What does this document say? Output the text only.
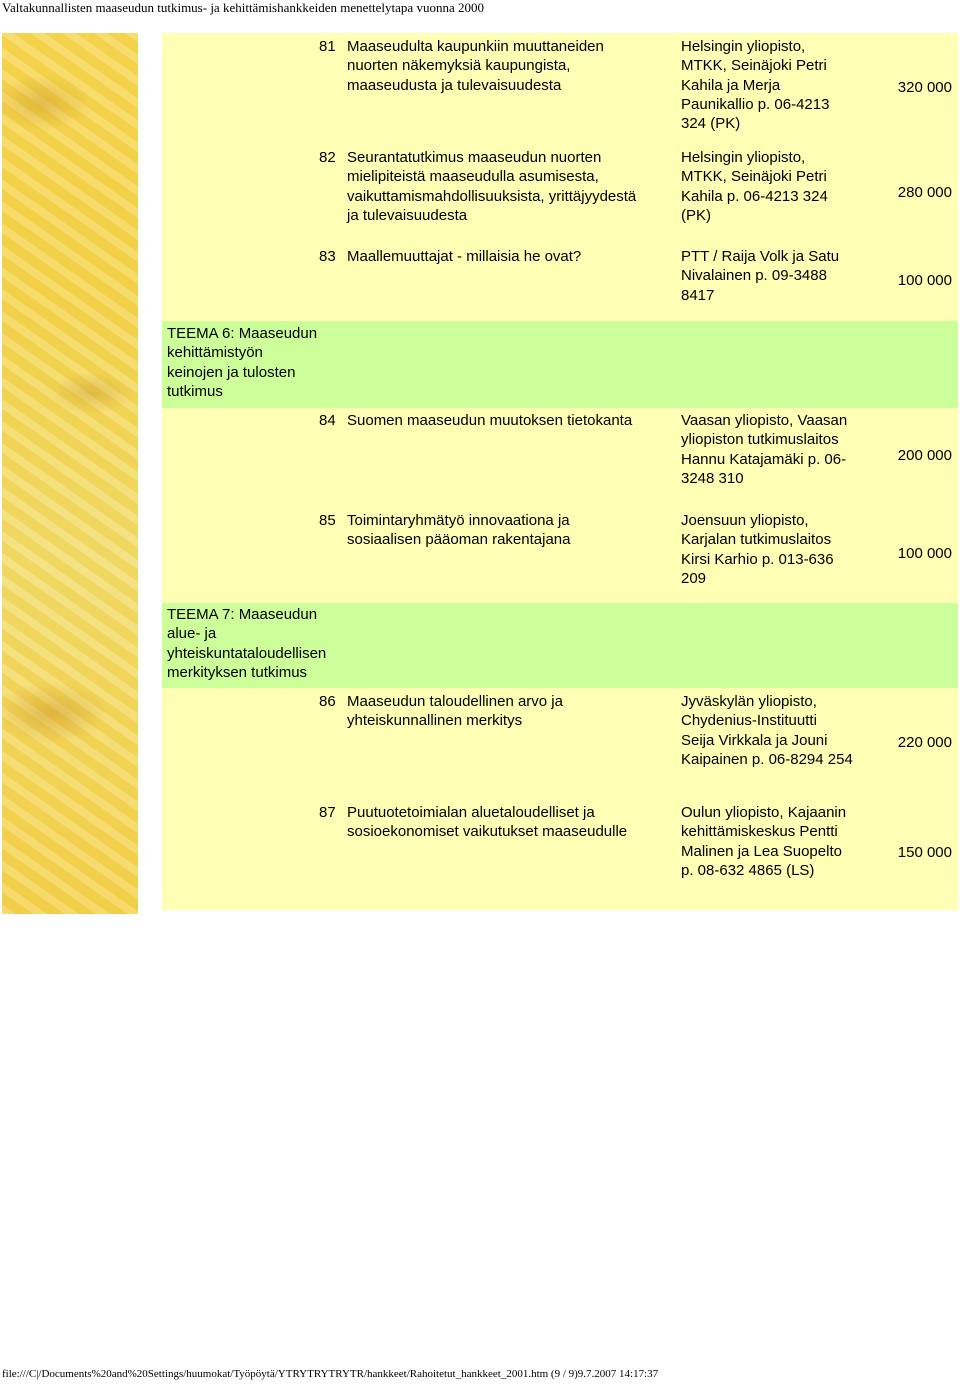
Valtakunnallisten maaseudun tutkimus- ja kehittämishankkeiden menettelytapa vuonna 2000
TEEMA 6: Maaseudun
kehittämistyön
keinojen ja tulosten
tutkimus
TEEMA 7: Maaseudun
alue- ja
yhteiskuntataloudellisen
merkityksen tutkimus
81 Maaseudulta kaupunkiin muuttaneiden
nuorten näkemyksiä kaupungista,
maaseudusta ja tulevaisuudesta
Helsingin yliopisto,
MTKK, Seinäjoki Petri
Kahila ja Merja
Paunikallio p. 06-4213
324 (PK)
320 000
82 Seurantatutkimus maaseudun nuorten
mielipiteistä maaseudulla asumisesta,
vaikuttamismahdollisuuksista, yrittäjyydestä
ja tulevaisuudesta
Helsingin yliopisto,
MTKK, Seinäjoki Petri
Kahila p. 06-4213 324
(PK)
280 000
83 Maallemuuttajat - millaisia he ovat?	PTT / Raija Volk ja Satu
Nivalainen p. 09-3488
8417
100 000
84 Suomen maaseudun muutoksen tietokanta	Vaasan yliopisto, Vaasan
yliopiston tutkimuslaitos
Hannu Katajamäki p. 06-
3248 310
200 000
85 Toimintaryhmätyö innovaationa ja
sosiaalisen pääoman rakentajana
Joensuun yliopisto,
Karjalan tutkimuslaitos
Kirsi Karhio p. 013-636
209
100 000
86 Maaseudun taloudellinen arvo ja
yhteiskunnallinen merkitys
Jyväskylän yliopisto,
Chydenius-Instituutti
Seija Virkkala ja Jouni
Kaipainen p. 06-8294 254
220 000
87 Puutuotetoimialan aluetaloudelliset ja
sosioekonomiset vaikutukset maaseudulle
Oulun yliopisto, Kajaanin
kehittämiskeskus Pentti
Malinen ja Lea Suopelto
p. 08-632 4865 (LS)
150 000
file:///C|/Documents%20and%20Settings/huumokat/Työpöytä/YTRYTRYTRYTR/hankkeet/Rahoitetut_hankkeet_2001.htm (9 / 9)9.7.2007 14:17:37
